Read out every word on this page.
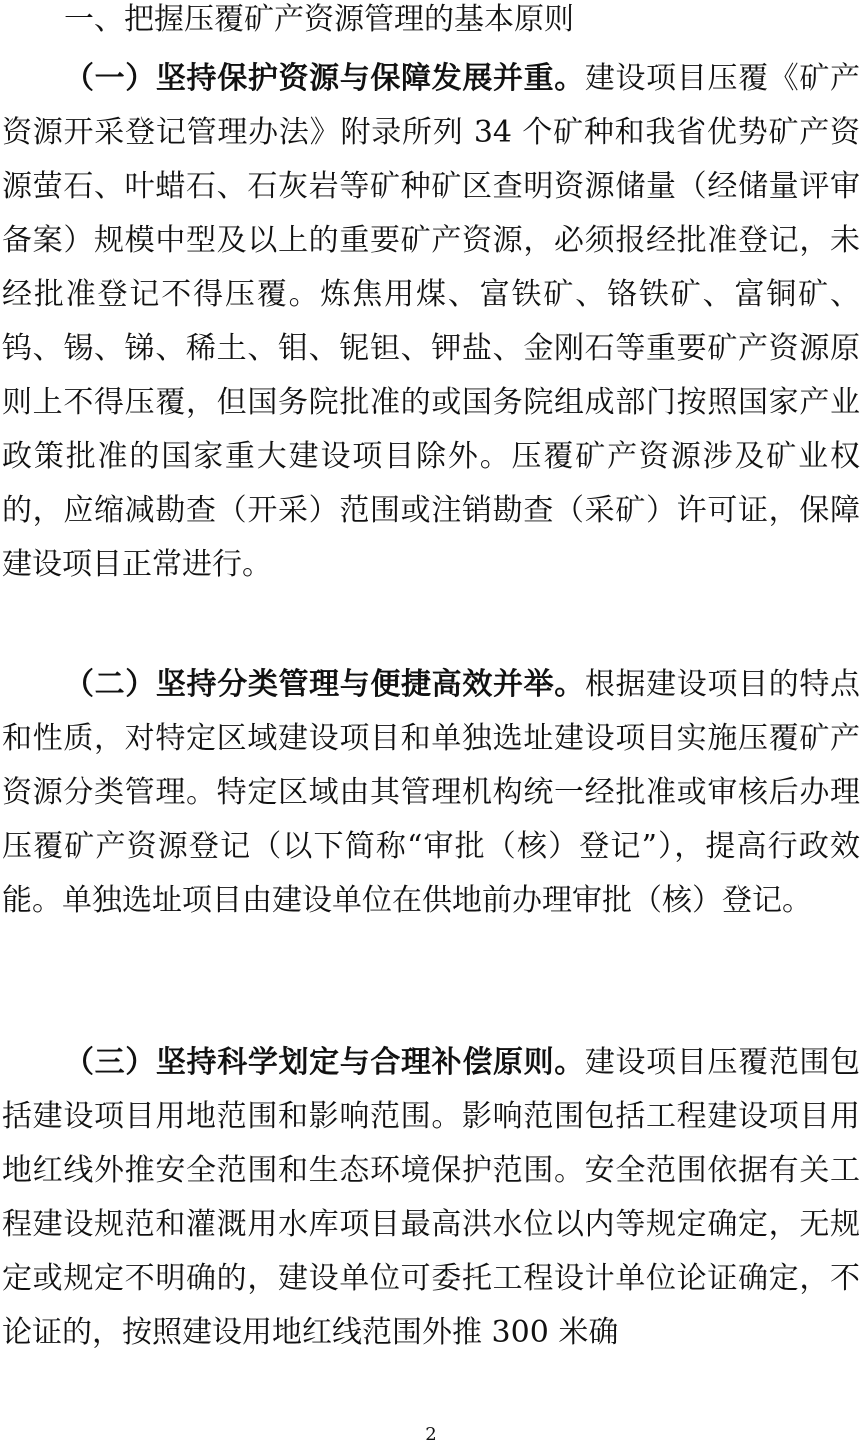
一、把握压覆矿产资源管理的基本原则

（一）坚持保护资源与保障发展并重。建设项目压覆《矿产资源开采登记管理办法》附录所列 34 个矿种和我省优势矿产资源萤石、叶蜡石、石灰岩等矿种矿区查明资源储量（经储量评审备案）规模中型及以上的重要矿产资源，必须报经批准登记，未经批准登记不得压覆。炼焦用煤、富铁矿、铬铁矿、富铜矿、钨、锡、锑、稀土、钼、铌钽、钾盐、金刚石等重要矿产资源原则上不得压覆，但国务院批准的或国务院组成部门按照国家产业政策批准的国家重大建设项目除外。压覆矿产资源涉及矿业权的，应缩减勘查（开采）范围或注销勘查（采矿）许可证，保障建设项目正常进行。

（二）坚持分类管理与便捷高效并举。根据建设项目的特点和性质，对特定区域建设项目和单独选址建设项目实施压覆矿产资源分类管理。特定区域由其管理机构统一经批准或审核后办理压覆矿产资源登记（以下简称“审批（核）登记”），提高行政效能。单独选址项目由建设单位在供地前办理审批（核）登记。

（三）坚持科学划定与合理补偿原则。建设项目压覆范围包括建设项目用地范围和影响范围。影响范围包括工程建设项目用地红线外推安全范围和生态环境保护范围。安全范围依据有关工程建设规范和灌溉用水库项目最高洪水位以内等规定确定，无规定或规定不明确的，建设单位可委托工程设计单位论证确定，不论证的，按照建设用地红线范围外推 300 米确

2
